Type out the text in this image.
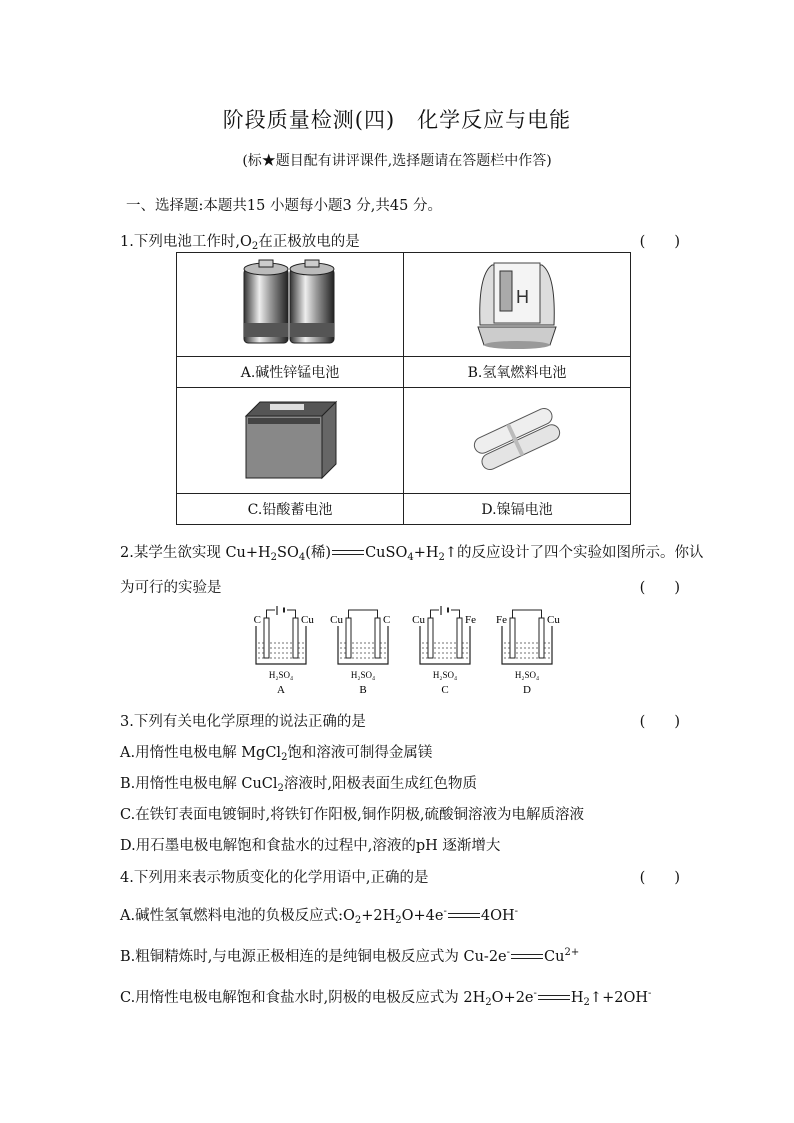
阶段质量检测(四)　化学反应与电能
(标★题目配有讲评课件,选择题请在答题栏中作答)
一、选择题:本题共15 小题每小题3 分,共45 分。
1.下列电池工作时$,O_2$在正极放电的是	(　　)

H

A.碱性锌锰电池	B.氢氧燃料电池

C.铅酸蓄电池	D.镍镉电池
2.某学生欲实现 $Cu+H_2SO_4$(稀) $CuSO_4+H_2↑$的反应设计了四个实验如图所示。你认
为可行的实验是	(　　)
C	Cu
H₂SO₄
A
Cu	C
H₂SO₄
B
Cu	Fe
H₂SO₄
C
Fe	Cu
H₂SO₄
D
3.下列有关电化学原理的说法正确的是	(　　)
A.用惰性电极电解 MgCl$_2$饱和溶液可制得金属镁
B.用惰性电极电解 CuCl$_2$溶液时,阳极表面生成红色物质
C.在铁钉表面电镀铜时,将铁钉作阳极,铜作阴极,硫酸铜溶液为电解质溶液
D.用石墨电极电解饱和食盐水的过程中,溶液的pH 逐渐增大
4.下列用来表示物质变化的化学用语中,正确的是	(　　)
A.碱性氢氧燃料电池的负极反应式$:O_2+2H_2O+4e^-$ 4OH-
B.粗铜精炼时,与电源正极相连的是纯铜电极反应式为 Cu-2e- $Cu^{2+}$
C.用惰性电极电解饱和食盐水时,阴极的电极反应式为 $2H_2O+2e^-$ $H_2↑+2OH^-$
